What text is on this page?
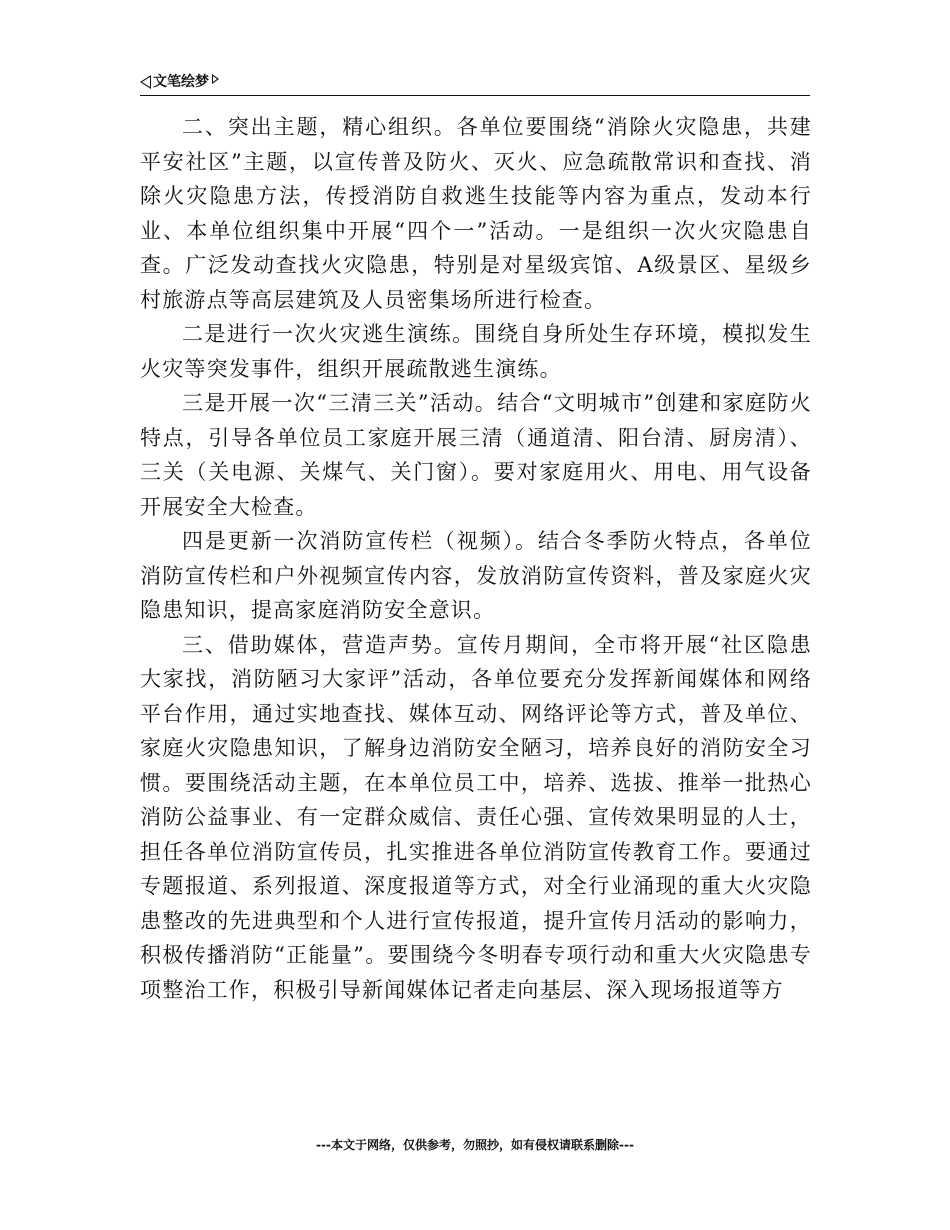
文笔绘梦

二、突出主题，精心组织。各单位要围绕“消除火灾隐患，共建平安社区”主题，以宣传普及防火、灭火、应急疏散常识和查找、消除火灾隐患方法，传授消防自救逃生技能等内容为重点，发动本行业、本单位组织集中开展“四个一”活动。一是组织一次火灾隐患自查。广泛发动查找火灾隐患，特别是对星级宾馆、A级景区、星级乡村旅游点等高层建筑及人员密集场所进行检查。

二是进行一次火灾逃生演练。围绕自身所处生存环境，模拟发生火灾等突发事件，组织开展疏散逃生演练。

三是开展一次“三清三关”活动。结合“文明城市”创建和家庭防火特点，引导各单位员工家庭开展三清（通道清、阳台清、厨房清）、三关（关电源、关煤气、关门窗）。要对家庭用火、用电、用气设备开展安全大检查。

四是更新一次消防宣传栏（视频）。结合冬季防火特点，各单位消防宣传栏和户外视频宣传内容，发放消防宣传资料，普及家庭火灾隐患知识，提高家庭消防安全意识。

三、借助媒体，营造声势。宣传月期间，全市将开展“社区隐患大家找，消防陋习大家评”活动，各单位要充分发挥新闻媒体和网络平台作用，通过实地查找、媒体互动、网络评论等方式，普及单位、家庭火灾隐患知识，了解身边消防安全陋习，培养良好的消防安全习惯。要围绕活动主题，在本单位员工中，培养、选拔、推举一批热心消防公益事业、有一定群众威信、责任心强、宣传效果明显的人士，担任各单位消防宣传员，扎实推进各单位消防宣传教育工作。要通过专题报道、系列报道、深度报道等方式，对全行业涌现的重大火灾隐患整改的先进典型和个人进行宣传报道，提升宣传月活动的影响力，积极传播消防“正能量”。要围绕今冬明春专项行动和重大火灾隐患专项整治工作，积极引导新闻媒体记者走向基层、深入现场报道等方

---本文于网络，仅供参考，勿照抄，如有侵权请联系删除---
